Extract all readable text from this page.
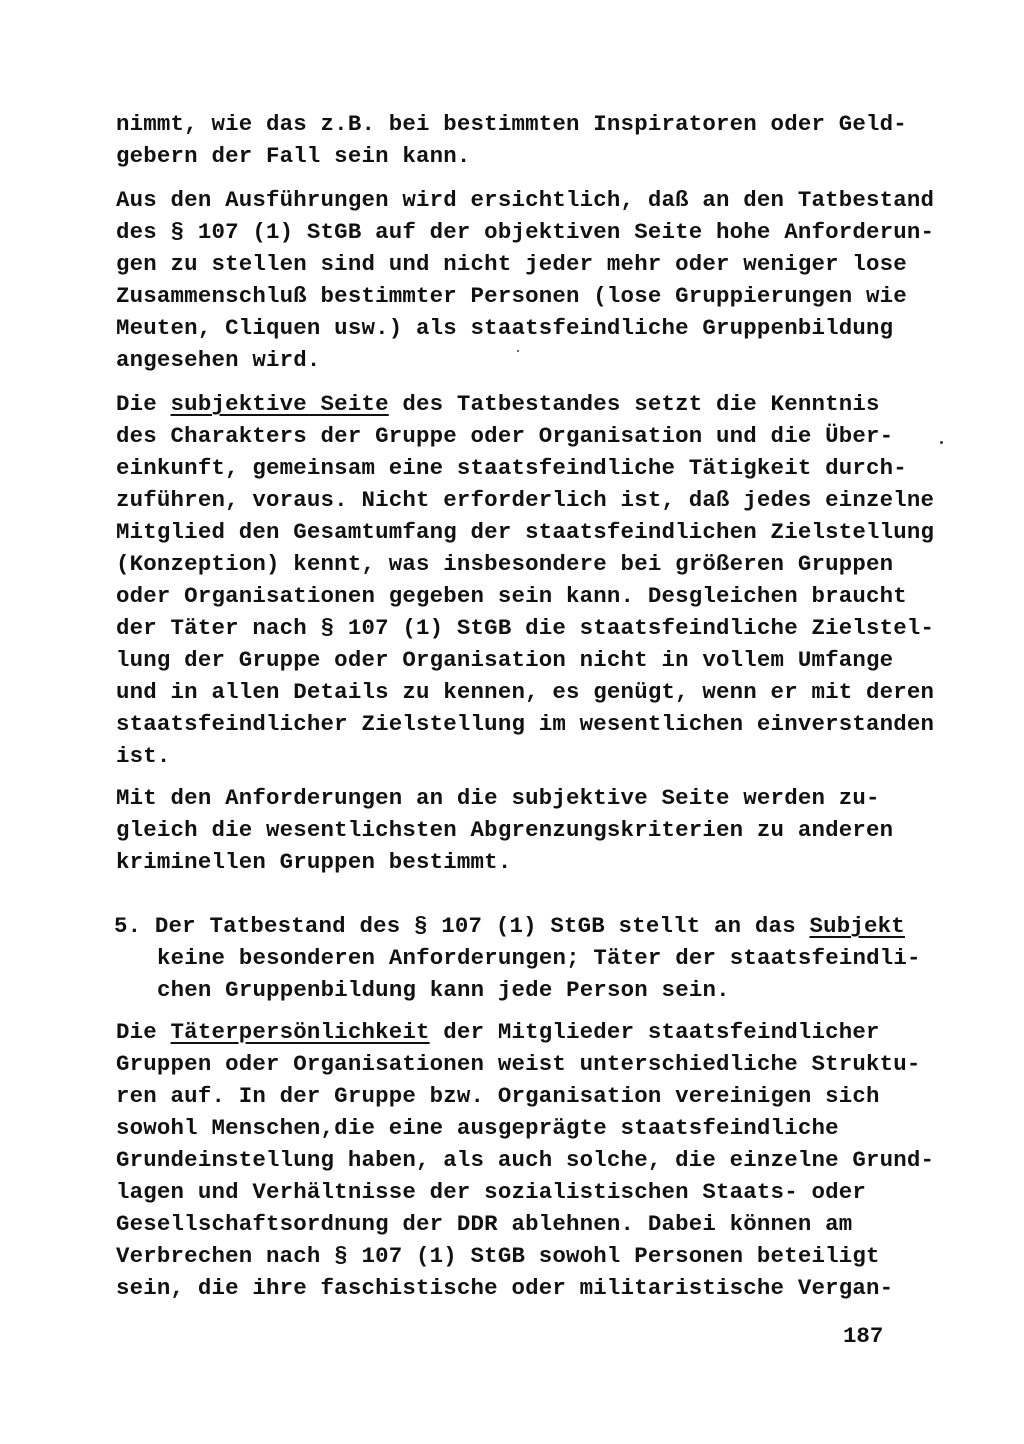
nimmt, wie das z.B. bei bestimmten Inspiratoren oder Geld-
gebern der Fall sein kann.
Aus den Ausführungen wird ersichtlich, daß an den Tatbestand
des § 107 (1) StGB auf der objektiven Seite hohe Anforderun-
gen zu stellen sind und nicht jeder mehr oder weniger lose
Zusammenschluß bestimmter Personen (lose Gruppierungen wie
Meuten, Cliquen usw.) als staatsfeindliche Gruppenbildung
angesehen wird.
Die subjektive Seite des Tatbestandes setzt die Kenntnis
des Charakters der Gruppe oder Organisation und die Über-
einkunft, gemeinsam eine staatsfeindliche Tätigkeit durch-
zuführen, voraus. Nicht erforderlich ist, daß jedes einzelne
Mitglied den Gesamtumfang der staatsfeindlichen Zielstellung
(Konzeption) kennt, was insbesondere bei größeren Gruppen
oder Organisationen gegeben sein kann. Desgleichen braucht
der Täter nach § 107 (1) StGB die staatsfeindliche Zielstel-
lung der Gruppe oder Organisation nicht in vollem Umfange
und in allen Details zu kennen, es genügt, wenn er mit deren
staatsfeindlicher Zielstellung im wesentlichen einverstanden
ist.
Mit den Anforderungen an die subjektive Seite werden zu-
gleich die wesentlichsten Abgrenzungskriterien zu anderen
kriminellen Gruppen bestimmt.
5. Der Tatbestand des § 107 (1) StGB stellt an das Subjekt
keine besonderen Anforderungen; Täter der staatsfeindli-
chen Gruppenbildung kann jede Person sein.
Die Täterpersönlichkeit der Mitglieder staatsfeindlicher
Gruppen oder Organisationen weist unterschiedliche Struktu-
ren auf. In der Gruppe bzw. Organisation vereinigen sich
sowohl Menschen,die eine ausgeprägte staatsfeindliche
Grundeinstellung haben, als auch solche, die einzelne Grund-
lagen und Verhältnisse der sozialistischen Staats- oder
Gesellschaftsordnung der DDR ablehnen. Dabei können am
Verbrechen nach § 107 (1) StGB sowohl Personen beteiligt
sein, die ihre faschistische oder militaristische Vergan-
187
